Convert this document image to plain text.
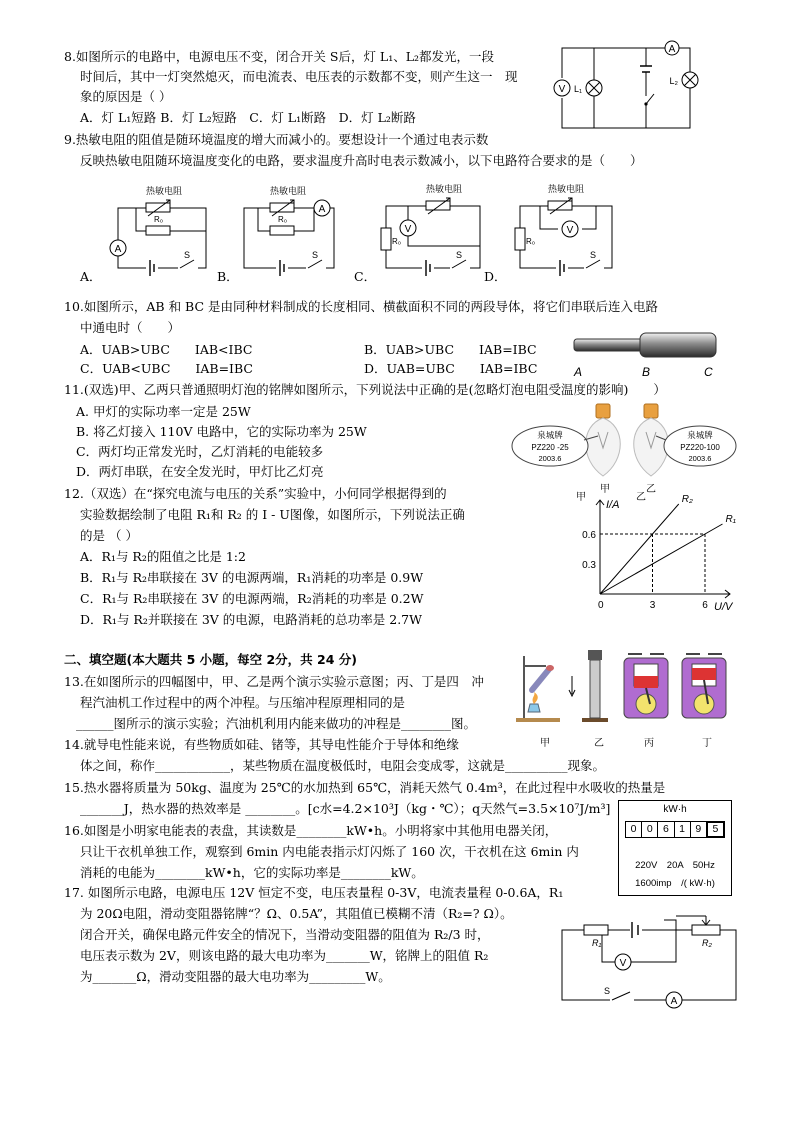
8.如图所示的电路中，电源电压不变，闭合开关 S后，灯 L₁、L₂都发光，一段
时间后，其中一灯突然熄灭，而电流表、电压表的示数都不变，则产生这一　现
象的原因是（ ）
A．灯 L₁短路 B．灯 L₂短路　C．灯 L₁断路　D．灯 L₂断路
V
A
L₁
L₂
9.热敏电阻的阻值是随环境温度的增大而减小的。要想设计一个通过电表示数
反映热敏电阻随环境温度变化的电路，要求温度升高时电表示数减小，以下电路符合要求的是（　　）
A．
热敏电阻
R₀
A	S
B．
热敏电阻
R₀
A
S
C．
热敏电阻
V
R₀
S
D．
热敏电阻
V
R₀
S
10.如图所示，AB 和 BC 是由同种材料制成的长度相同、横截面积不同的两段导体，将它们串联后连入电路
中通电时（　　）
A．UAB>UBC　　IAB<IBC	B．UAB>UBC　　IAB=IBC
C．UAB<UBC　　IAB=IBC	D．UAB=UBC　　IAB=IBC	A	B	C
11.(双选)甲、乙两只普通照明灯泡的铭牌如图所示，下列说法中正确的是(忽略灯泡电阻受温度的影响)　　）
A. 甲灯的实际功率一定是 25W
B. 将乙灯接入 110V 电路中，它的实际功率为 25W
C．两灯均正常发光时，乙灯消耗的电能较多
D．两灯串联，在安全发光时，甲灯比乙灯亮
泉城牌
PZ220 -25
2003.6
泉城牌
PZ220-100
2003.6
甲	乙
12.（双选）在“探究电流与电压的关系”实验中，小何同学根据得到的
实验数据绘制了电阻 R₁和 R₂ 的 I - U图像，如图所示，下列说法正确
的是 （ ）
A．R₁与 R₂的阻值之比是 1:2
B．R₁与 R₂串联接在 3V 的电源两端，R₁消耗的功率是 0.9W
C．R₁与 R₂串联接在 3V 的电源两端，R₂消耗的功率是 0.2W
D．R₁与 R₂并联接在 3V 的电源，电路消耗的总功率是 2.7W
甲	乙
I/A
U/V
0	3	6
0.3
0.6
R₂
R₁
二、填空题(本大题共 5 小题，每空 2分，共 24 分)
13.在如图所示的四幅图中，甲、乙是两个演示实验示意图；丙、丁是四　冲
程汽油机工作过程中的两个冲程。与压缩冲程原理相同的是
______图所示的演示实验；汽油机利用内能来做功的冲程是________图。
甲	乙	丙	丁
14.就导电性能来说，有些物质如硅、锗等，其导电性能介于导体和绝缘
体之间，称作____________，某些物质在温度极低时，电阻会变成零，这就是__________现象。
15.热水器将质量为 50kg、温度为 25℃的水加热到 65℃，消耗天然气 0.4m³，在此过程中水吸收的热量是
_______J，热水器的热效率是 ________。[c水=4.2×10³J（kg・℃）；q天然气=3.5×10⁷J/m³]
16.如图是小明家电能表的表盘，其读数是________kW•h。小明将家中其他用电器关闭，
只让干衣机单独工作，观察到 6min 内电能表指示灯闪烁了 160 次，干衣机在这 6min 内
消耗的电能为________kW•h，它的实际功率是________kW。
kW·h
0 0 6 1 9	5
220V　20A　50Hz
1600imp　/( kW·h)
17. 如图所示电路，电源电压 12V 恒定不变，电压表量程 0-3V，电流表量程 0-0.6A，R₁
为 20Ω电阻，滑动变阻器铭牌“？Ω、0.5A”，其阻值已模糊不清（R₂=? Ω）。
闭合开关，确保电路元件安全的情况下，当滑动变阻器的阻值为 R₂/3 时，
电压表示数为 2V，则该电路的最大电功率为_______W，铭牌上的阻值 R₂
为_______Ω，滑动变阻器的最大电功率为_________W。
R₁	R₂
V
S
A
